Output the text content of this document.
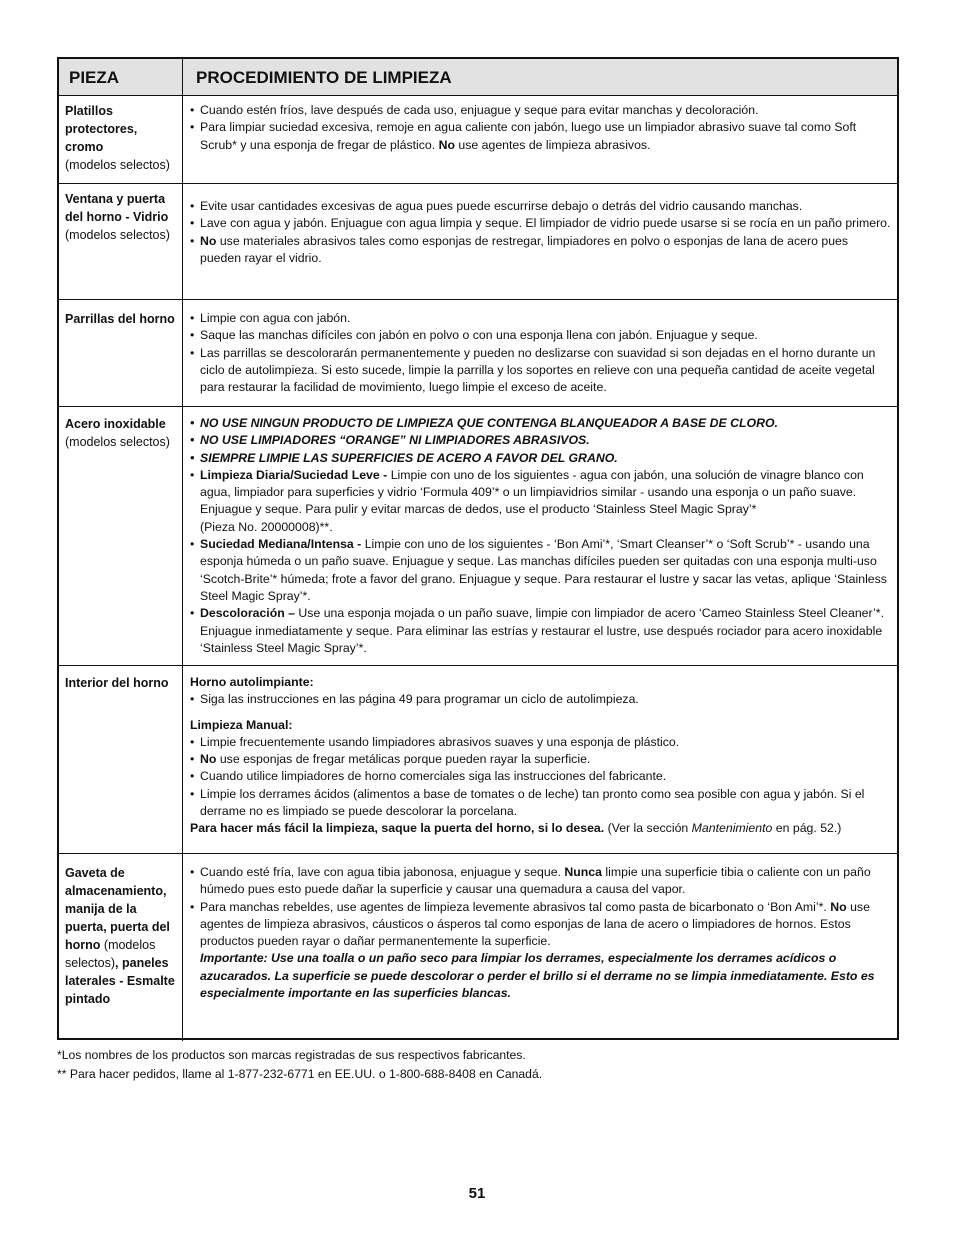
PIEZA	PROCEDIMIENTO DE LIMPIEZA
Platillos protectores, cromo
(modelos selectos)
• Cuando estén fríos, lave después de cada uso, enjuague y seque para evitar manchas y decoloración.
• Para limpiar suciedad excesiva, remoje en agua caliente con jabón, luego use un limpiador abrasivo suave tal como Soft Scrub* y una esponja de fregar de plástico. No use agentes de limpieza abrasivos.
Ventana y puerta del horno - Vidrio
(modelos selectos)
• Evite usar cantidades excesivas de agua pues puede escurrirse debajo o detrás del vidrio causando manchas.
• Lave con agua y jabón. Enjuague con agua limpia y seque. El limpiador de vidrio puede usarse si se rocía en un paño primero.
• No use materiales abrasivos tales como esponjas de restregar, limpiadores en polvo o esponjas de lana de acero pues pueden rayar el vidrio.
Parrillas del horno
•	Limpie con agua con jabón.
• Saque las manchas difíciles con jabón en polvo o con una esponja llena con jabón. Enjuague y seque.
• Las parrillas se descolorarán permanentemente y pueden no deslizarse con suavidad si son dejadas en el horno durante un ciclo de autolimpieza. Si esto sucede, limpie la parrilla y los soportes en relieve con una pequeña cantidad de aceite vegetal para restaurar la facilidad de movimiento, luego limpie el exceso de aceite.
Acero inoxidable
(modelos selectos)
• NO USE NINGUN PRODUCTO DE LIMPIEZA QUE CONTENGA BLANQUEADOR A BASE DE CLORO.
• NO USE LIMPIADORES “ORANGE” NI LIMPIADORES ABRASIVOS.
• SIEMPRE LIMPIE LAS SUPERFICIES DE ACERO A FAVOR DEL GRANO.
• Limpieza Diaria/Suciedad Leve - Limpie con uno de los siguientes - agua con jabón, una solución de vinagre blanco con agua, limpiador para superficies y vidrio ‘Formula 409’* o un limpiavidrios similar - usando una esponja o un paño suave. Enjuague y seque. Para pulir y evitar marcas de dedos, use el producto ‘Stainless Steel Magic Spray’*
(Pieza No. 20000008)**.
• Suciedad Mediana/Intensa - Limpie con uno de los siguientes - ‘Bon Ami’*, ‘Smart Cleanser’* o ‘Soft Scrub’* - usando una esponja húmeda o un paño suave. Enjuague y seque. Las manchas difíciles pueden ser quitadas con una esponja multi-uso ‘Scotch-Brite’* húmeda; frote a favor del grano. Enjuague y seque. Para restaurar el lustre y sacar las vetas, aplique ‘Stainless Steel Magic Spray’*.
• Descoloración – Use una esponja mojada o un paño suave, limpie con limpiador de acero ‘Cameo Stainless Steel Cleaner’*. Enjuague inmediatamente y seque. Para eliminar las estrías y restaurar el lustre, use después rociador para acero inoxidable ‘Stainless Steel Magic Spray’*.
Interior del horno	Horno autolimpiante:
• Siga las instrucciones en las página 49 para programar un ciclo de autolimpieza.
Limpieza Manual:
• Limpie frecuentemente usando limpiadores abrasivos suaves y una esponja de plástico.
• No use esponjas de fregar metálicas porque pueden rayar la superficie.
• Cuando utilice limpiadores de horno comerciales siga las instrucciones del fabricante.
• Limpie los derrames ácidos (alimentos a base de tomates o de leche) tan pronto como sea posible con agua y jabón. Si el derrame no es limpiado se puede descolorar la porcelana.
Para hacer más fácil la limpieza, saque la puerta del horno, si lo desea. (Ver la sección Mantenimiento en pág. 52.)
Gaveta de almacenamiento, manija de la puerta, puerta del horno (modelos selectos), paneles laterales - Esmalte pintado
• Cuando esté fría, lave con agua tibia jabonosa, enjuague y seque. Nunca limpie una superficie tibia o caliente con un paño húmedo pues esto puede dañar la superficie y causar una quemadura a causa del vapor.
• Para manchas rebeldes, use agentes de limpieza levemente abrasivos tal como pasta de bicarbonato o ‘Bon Ami’*. No use agentes de limpieza abrasivos, cáusticos o ásperos tal como esponjas de lana de acero o limpiadores de hornos. Estos productos pueden rayar o dañar permanentemente la superficie.
Importante: Use una toalla o un paño seco para limpiar los derrames, especialmente los derrames acídicos o azucarados. La superficie se puede descolorar o perder el brillo si el derrame no se limpia inmediatamente. Esto es especialmente importante en las superficies blancas.
*Los nombres de los productos son marcas registradas de sus respectivos fabricantes.
** Para hacer pedidos, llame al 1-877-232-6771 en EE.UU. o 1-800-688-8408 en Canadá.
51
